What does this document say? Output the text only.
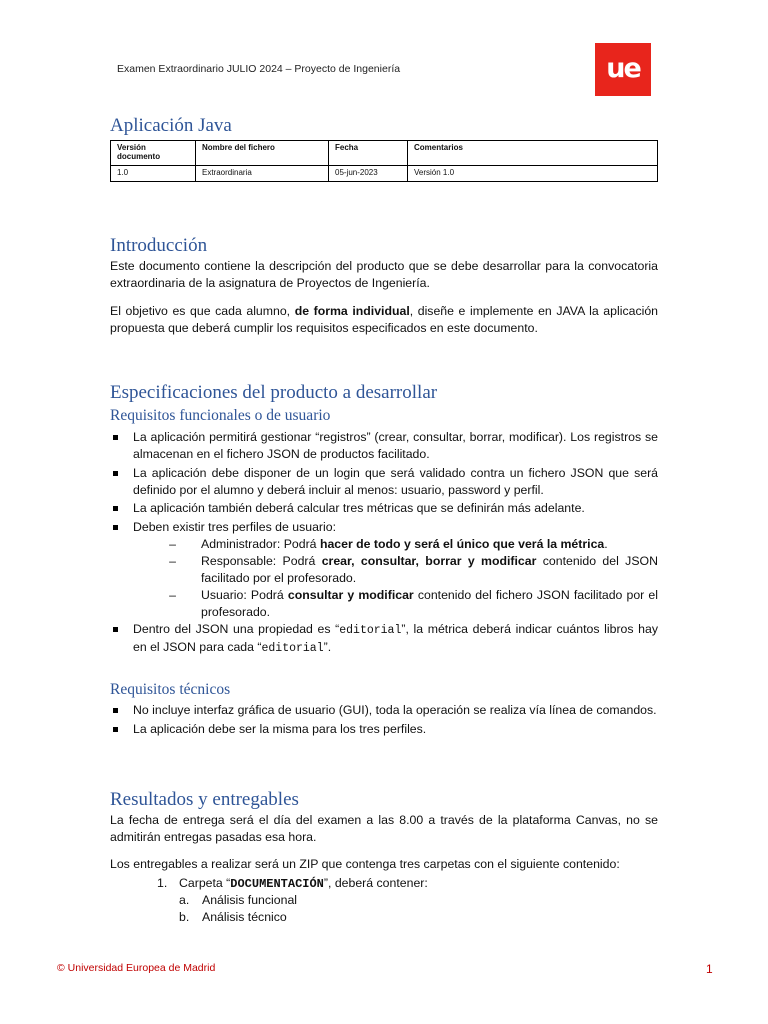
Examen Extraordinario JULIO 2024 – Proyecto de Ingeniería	ue
Aplicación Java
Versión documento	Nombre del fichero	Fecha	Comentarios
1.0	Extraordinaria	05-jun-2023	Versión 1.0
Introducción
Este documento contiene la descripción del producto que se debe desarrollar para la convocatoria extraordinaria de la asignatura de Proyectos de Ingeniería.
El objetivo es que cada alumno, de forma individual, diseñe e implemente en JAVA la aplicación propuesta que deberá cumplir los requisitos especificados en este documento.
Especificaciones del producto a desarrollar
Requisitos funcionales o de usuario
La aplicación permitirá gestionar “registros” (crear, consultar, borrar, modificar). Los registros se almacenan en el fichero JSON de productos facilitado.
La aplicación debe disponer de un login que será validado contra un fichero JSON que será definido por el alumno y deberá incluir al menos: usuario, password y perfil.
La aplicación también deberá calcular tres métricas que se definirán más adelante.
Deben existir tres perfiles de usuario:
– Administrador: Podrá hacer de todo y será el único que verá la métrica.
– Responsable: Podrá crear, consultar, borrar y modificar contenido del JSON facilitado por el profesorado.
– Usuario: Podrá consultar y modificar contenido del fichero JSON facilitado por el profesorado.
Dentro del JSON una propiedad es “editorial”, la métrica deberá indicar cuántos libros hay en el JSON para cada “editorial”.
Requisitos técnicos
No incluye interfaz gráfica de usuario (GUI), toda la operación se realiza vía línea de comandos.
La aplicación debe ser la misma para los tres perfiles.
Resultados y entregables
La fecha de entrega será el día del examen a las 8.00 a través de la plataforma Canvas, no se admitirán entregas pasadas esa hora.
Los entregables a realizar será un ZIP que contenga tres carpetas con el siguiente contenido:
1. Carpeta “DOCUMENTACIÓN”, deberá contener:

a. Análisis funcional

b. Análisis técnico

© Universidad Europea de Madrid	1
